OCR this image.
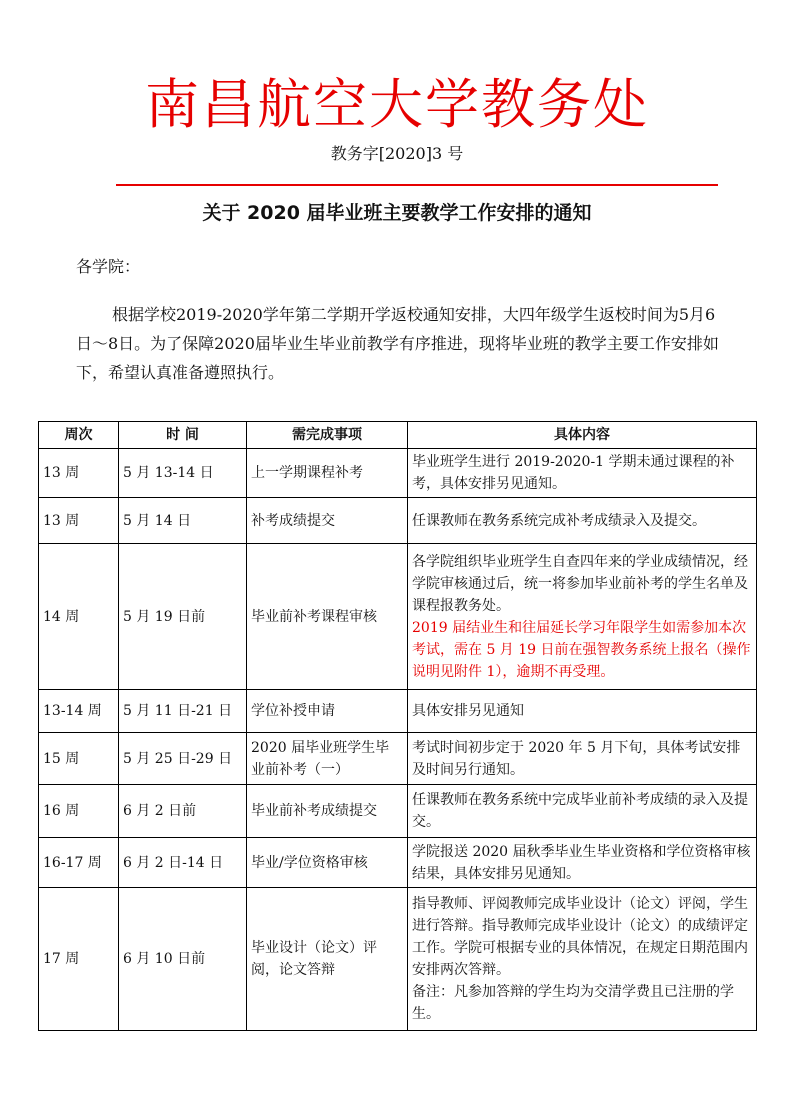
南昌航空大学教务处
教务字[2020]3 号
关于 2020 届毕业班主要教学工作安排的通知
各学院：

根据学校2019-2020学年第二学期开学返校通知安排，大四年级学生返校时间为5月6日～8日。为了保障2020届毕业生毕业前教学有序推进，现将毕业班的教学主要工作安排如下，希望认真准备遵照执行。

周次	时 间	需完成事项	具体内容
13 周	5 月 13-14 日	上一学期课程补考	毕业班学生进行 2019-2020-1 学期未通过课程的补考，具体安排另见通知。

13 周	5 月 14 日	补考成绩提交	任课教师在教务系统完成补考成绩录入及提交。

14 周	5 月 19 日前	毕业前补考课程审核	各学院组织毕业班学生自查四年来的学业成绩情况，经学院审核通过后，统一将参加毕业前补考的学生名单及课程报教务处。

2019 届结业生和往届延长学习年限学生如需参加本次考试，需在 5 月 19 日前在强智教务系统上报名（操作说明见附件 1），逾期不再受理。

13-14 周	5 月 11 日-21 日	学位补授申请	具体安排另见通知

15 周	5 月 25 日-29 日	2020 届毕业班学生毕业前补考（一）	考试时间初步定于 2020 年 5 月下旬，具体考试安排及时间另行通知。

16 周	6 月 2 日前	毕业前补考成绩提交	任课教师在教务系统中完成毕业前补考成绩的录入及提交。

16-17 周	6 月 2 日-14 日	毕业/学位资格审核	学院报送 2020 届秋季毕业生毕业资格和学位资格审核结果，具体安排另见通知。

17 周	6 月 10 日前	毕业设计（论文）评阅，论文答辩	指导教师、评阅教师完成毕业设计（论文）评阅，学生进行答辩。指导教师完成毕业设计（论文）的成绩评定工作。学院可根据专业的具体情况，在规定日期范围内安排两次答辩。

备注：凡参加答辩的学生均为交清学费且已注册的学生。
